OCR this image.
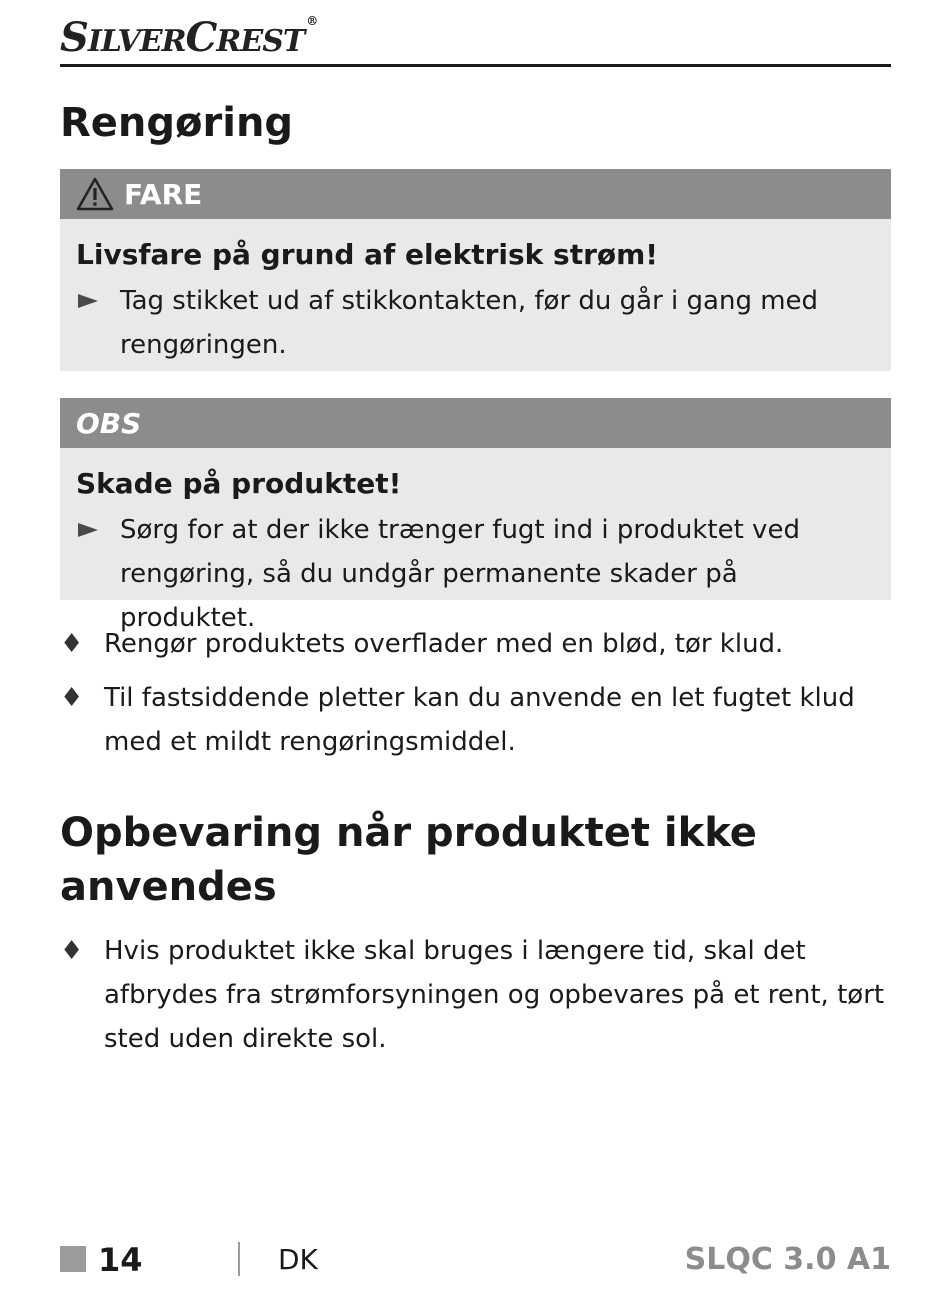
SILVERCREST®
Rengøring
FARE
Livsfare på grund af elektrisk strøm!
Tag stikket ud af stikkontakten, før du går i gang med rengøringen.
OBS
Skade på produktet!
Sørg for at der ikke trænger fugt ind i produktet ved rengøring, så du undgår permanente skader på produktet.
♦ Rengør produktets overflader med en blød, tør klud.
♦ Til fastsiddende pletter kan du anvende en let fugtet klud med et mildt rengøringsmiddel.
Opbevaring når produktet ikke anvendes
♦ Hvis produktet ikke skal bruges i længere tid, skal det afbrydes fra strømforsyningen og opbevares på et rent, tørt sted uden direkte sol.
14	DK	SLQC 3.0 A1
